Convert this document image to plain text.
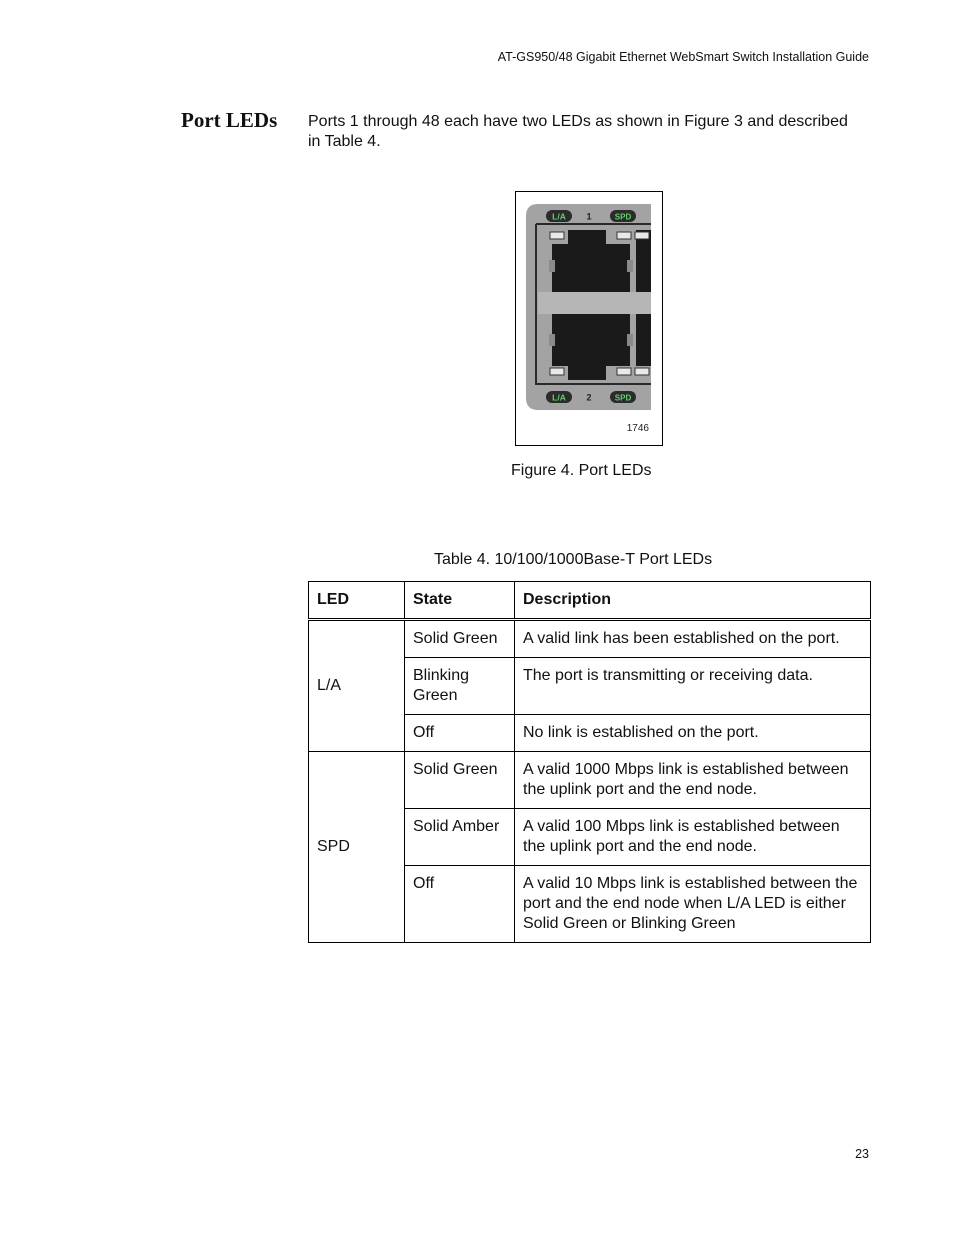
AT-GS950/48 Gigabit Ethernet WebSmart Switch Installation Guide
Port LEDs Ports 1 through 48 each have two LEDs as shown in Figure 3 and described in Table 4.
L/A	SPD
1
L/A	SPD
2
1746
Figure 4. Port LEDs
Table 4. 10/100/1000Base-T Port LEDs
LED	State	Description
L/A	Solid Green	A valid link has been established on the port.
	Blinking Green	The port is transmitting or receiving data.
	Off	No link is established on the port.
SPD	Solid Green	A valid 1000 Mbps link is established between the uplink port and the end node.
	Solid Amber	A valid 100 Mbps link is established between the uplink port and the end node.
	Off	A valid 10 Mbps link is established between the port and the end node when L/A LED is either Solid Green or Blinking Green
23
